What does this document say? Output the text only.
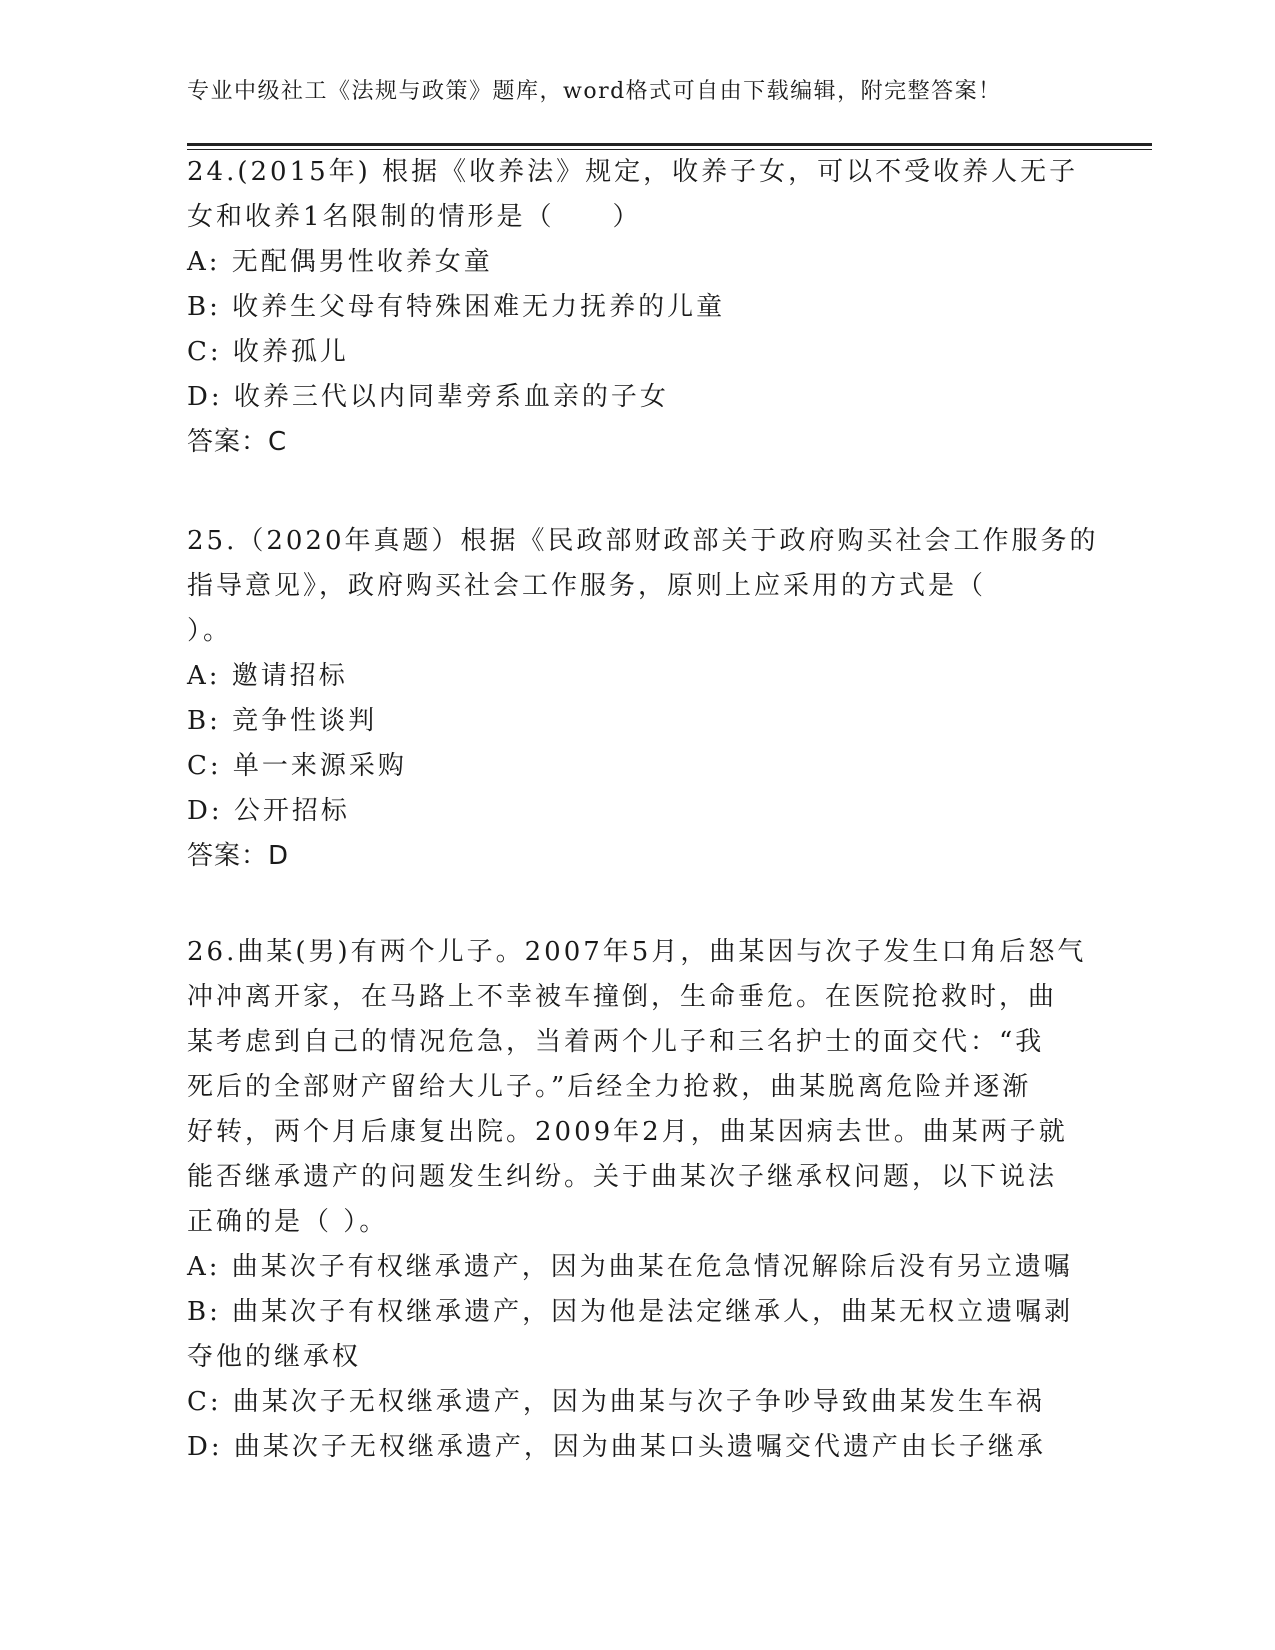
专业中级社工《法规与政策》题库，word格式可自由下载编辑，附完整答案！
24.(2015年) 根据《收养法》规定，收养子女，可以不受收养人无子
女和收养1名限制的情形是（　　）
A: 无配偶男性收养女童
B: 收养生父母有特殊困难无力抚养的儿童
C: 收养孤儿
D: 收养三代以内同辈旁系血亲的子女
答案：C
25.（2020年真题）根据《民政部财政部关于政府购买社会工作服务的
指导意见》，政府购买社会工作服务，原则上应采用的方式是（
）。
A: 邀请招标
B: 竞争性谈判
C: 单一来源采购
D: 公开招标
答案：D
26.曲某(男)有两个儿子。2007年5月，曲某因与次子发生口角后怒气
冲冲离开家，在马路上不幸被车撞倒，生命垂危。在医院抢救时，曲
某考虑到自己的情况危急，当着两个儿子和三名护士的面交代：“我
死后的全部财产留给大儿子。”后经全力抢救，曲某脱离危险并逐渐
好转，两个月后康复出院。2009年2月，曲某因病去世。曲某两子就
能否继承遗产的问题发生纠纷。关于曲某次子继承权问题，以下说法
正确的是（ ）。
A: 曲某次子有权继承遗产，因为曲某在危急情况解除后没有另立遗嘱
B: 曲某次子有权继承遗产，因为他是法定继承人，曲某无权立遗嘱剥
夺他的继承权
C: 曲某次子无权继承遗产，因为曲某与次子争吵导致曲某发生车祸
D: 曲某次子无权继承遗产，因为曲某口头遗嘱交代遗产由长子继承
